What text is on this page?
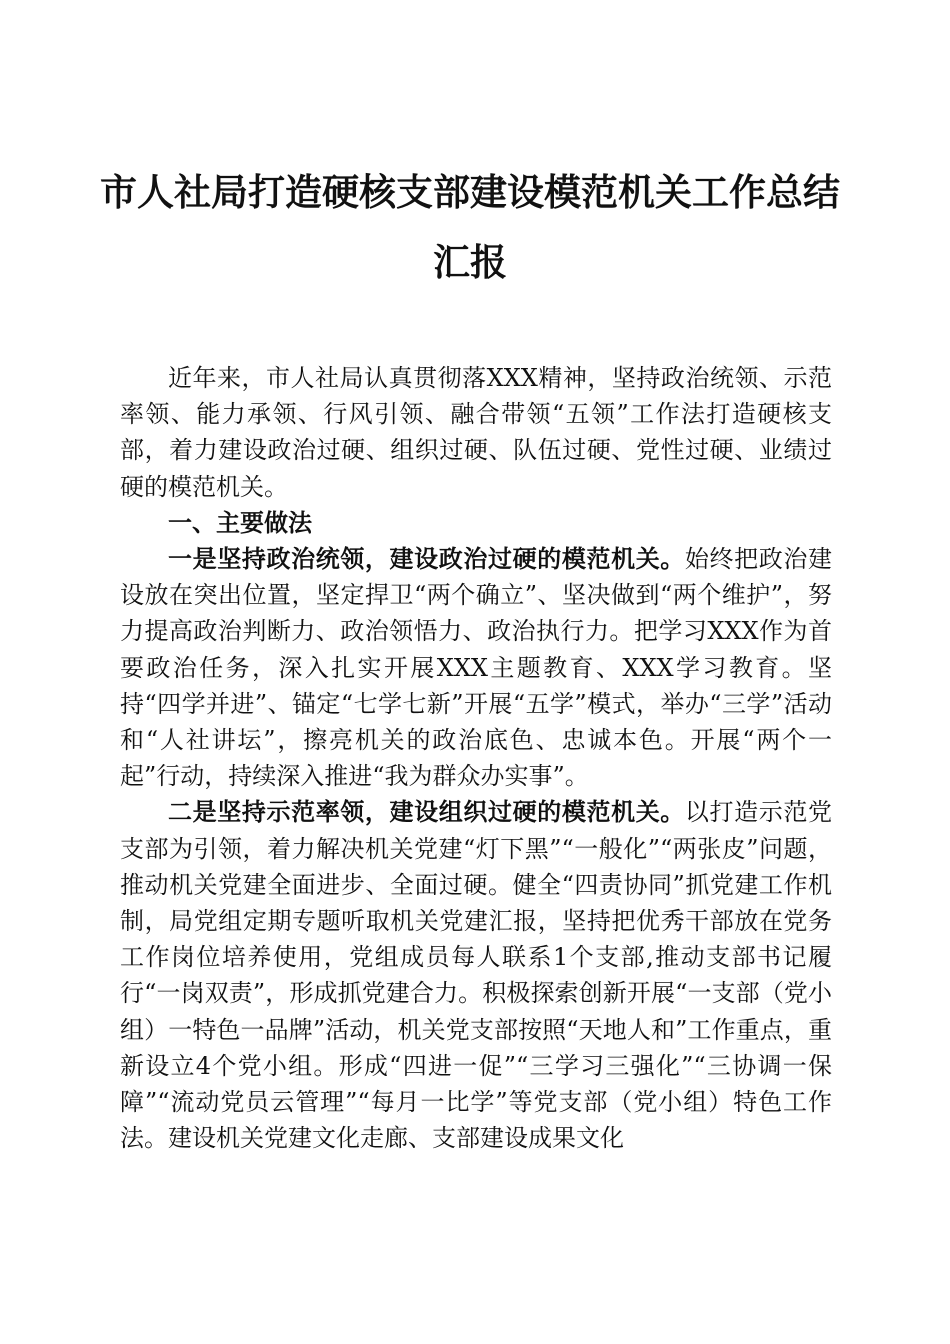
市人社局打造硬核支部建设模范机关工作总结
汇报

近年来，市人社局认真贯彻落XXX精神，坚持政治统领、示范率领、能力承领、行风引领、融合带领“五领”工作法打造硬核支部，着力建设政治过硬、组织过硬、队伍过硬、党性过硬、业绩过硬的模范机关。

一、主要做法

一是坚持政治统领，建设政治过硬的模范机关。始终把政治建设放在突出位置，坚定捍卫“两个确立”、坚决做到“两个维护”，努力提高政治判断力、政治领悟力、政治执行力。把学习XXX作为首要政治任务，深入扎实开展XXX主题教育、XXX学习教育。坚持“四学并进”、锚定“七学七新”开展“五学”模式，举办“三学”活动和“人社讲坛”，擦亮机关的政治底色、忠诚本色。开展“两个一起”行动，持续深入推进“我为群众办实事”。

二是坚持示范率领，建设组织过硬的模范机关。以打造示范党支部为引领，着力解决机关党建“灯下黑”“一般化”“两张皮”问题，推动机关党建全面进步、全面过硬。健全“四责协同”抓党建工作机制，局党组定期专题听取机关党建汇报，坚持把优秀干部放在党务工作岗位培养使用，党组成员每人联系1个支部,推动支部书记履行“一岗双责”，形成抓党建合力。积极探索创新开展“一支部（党小组）一特色一品牌”活动，机关党支部按照“天地人和”工作重点，重新设立4个党小组。形成“四进一促”“三学习三强化”“三协调一保障”“流动党员云管理”“每月一比学”等党支部（党小组）特色工作法。建设机关党建文化走廊、支部建设成果文化
